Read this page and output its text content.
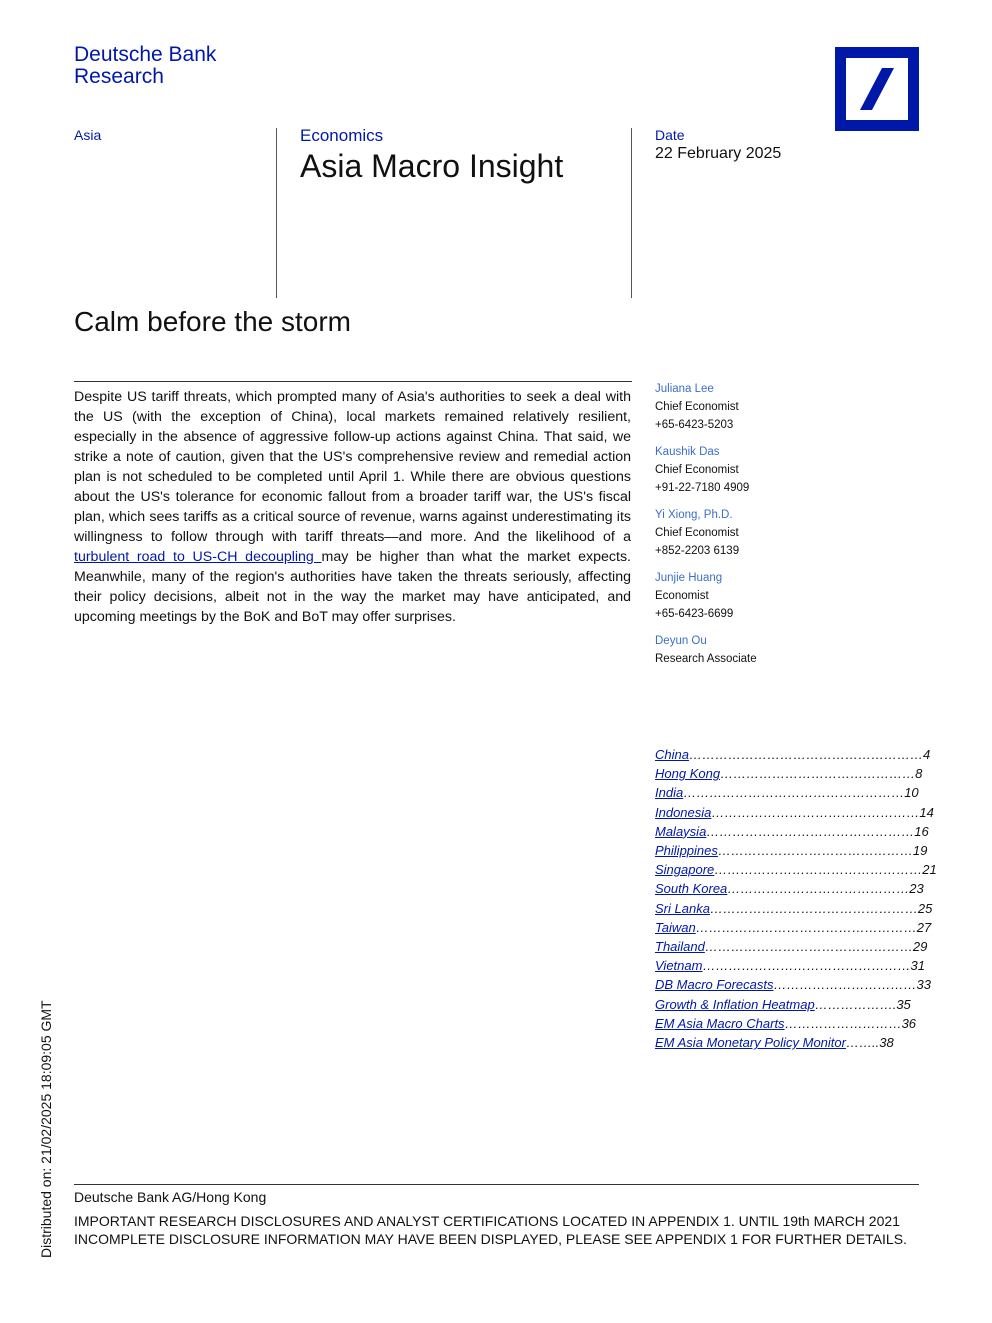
Deutsche Bank
Research
Asia	Economics
Asia Macro Insight
Date
22 February 2025
Calm before the storm

Despite US tariff threats, which prompted many of Asia's authorities to seek a deal with the US (with the exception of China), local markets remained relatively resilient, especially in the absence of aggressive follow-up actions against China. That said, we strike a note of caution, given that the US's comprehensive review and remedial action plan is not scheduled to be completed until April 1. While there are obvious questions about the US's tolerance for economic fallout from a broader tariff war, the US's fiscal plan, which sees tariffs as a critical source of revenue, warns against underestimating its willingness to follow through with tariff threats—and more. And the likelihood of a turbulent road to US-CH decoupling may be higher than what the market expects. Meanwhile, many of the region's authorities have taken the threats seriously, affecting their policy decisions, albeit not in the way the market may have anticipated, and upcoming meetings by the BoK and BoT may offer surprises.

Juliana Lee
Chief Economist
+65-6423-5203
Kaushik Das
Chief Economist
+91-22-7180 4909
Yi Xiong, Ph.D.
Chief Economist
+852-2203 6139
Junjie Huang
Economist
+65-6423-6699
Deyun Ou
Research Associate
China………………………………………………4
Hong Kong………………………………………8
India……………………………………………10
Indonesia…………………………………………14
Malaysia…………………………………………16
Philippines………………………………………19
Singapore…………………………………………21
South Korea……………………………………23
Sri Lanka…………………………………………25
Taiwan……………………………………………27
Thailand…………………………………………29
Vietnam…………………………………………31
DB Macro Forecasts……………………………33
Growth & Inflation Heatmap……………….35
EM Asia Macro Charts………………………36
EM Asia Monetary Policy Monitor……..38
Distributed on: 21/02/2025 18:09:05 GMT Deutsche Bank AG/Hong Kong

IMPORTANT RESEARCH DISCLOSURES AND ANALYST CERTIFICATIONS LOCATED IN APPENDIX 1. UNTIL 19th MARCH 2021 INCOMPLETE DISCLOSURE INFORMATION MAY HAVE BEEN DISPLAYED, PLEASE SEE APPENDIX 1 FOR FURTHER DETAILS.
